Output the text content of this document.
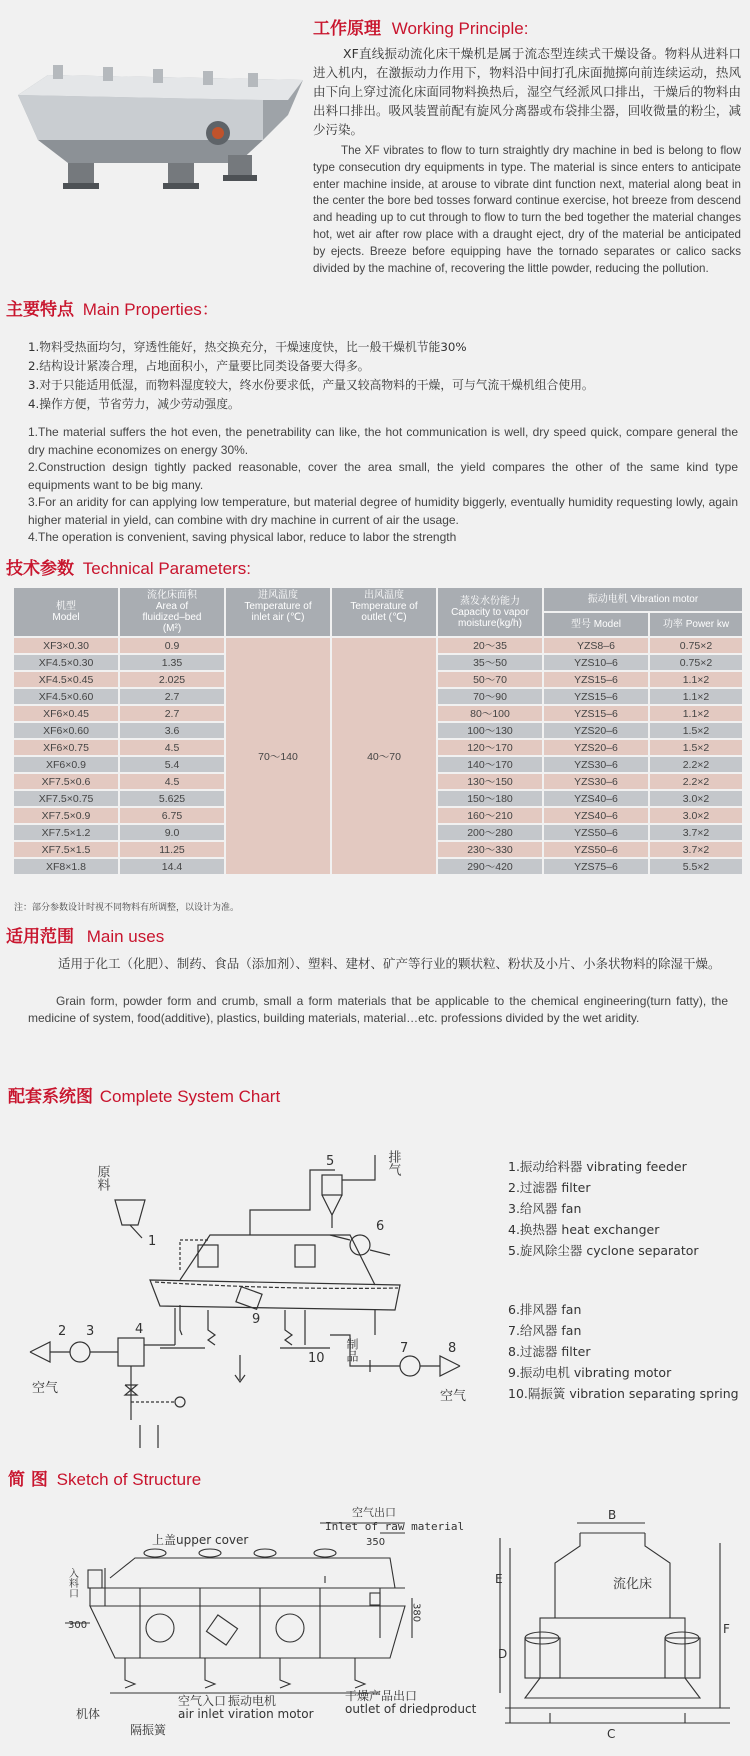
工作原理 Working Principle:
XF直线振动流化床干燥机是属于流态型连续式干燥设备。物料从进料口进入机内，在激振动力作用下，物料沿中间打孔床面抛掷向前连续运动，热风由下向上穿过流化床面同物料换热后，湿空气经派风口排出，干燥后的物料由出料口排出。吸风装置前配有旋风分离器或布袋排尘器，回收微量的粉尘，减少污染。
The XF vibrates to flow to turn straightly dry machine in bed is belong to flow type consecution dry equipments in type. The material is since enters to anticipate enter machine inside, at arouse to vibrate dint function next, material along beat in the center the bore bed tosses forward continue exercise, hot breeze from descend and heading up to cut through to flow to turn the bed together the material changes hot, wet air after row place with a draught eject, dry of the material be anticipated by ejects. Breeze before equipping have the tornado separates or calico sacks divided by the machine of, recovering the little powder, reducing the pollution.
主要特点 Main Properties：
1.物料受热面均匀，穿透性能好，热交换充分，干燥速度快，比一般干燥机节能30%
2.结构设计紧凑合理，占地面积小，产量要比同类设备要大得多。
3.对于只能适用低湿，而物料湿度较大，终水份要求低，产量又较高物料的干燥，可与气流干燥机组合使用。
4.操作方便，节省劳力，减少劳动强度。
1.The material suffers the hot even, the penetrability can like, the hot communication is well, dry speed quick, compare general the dry machine economizes on energy 30%.
2.Construction design tightly packed reasonable, cover the area small, the yield compares the other of the same kind type equipments want to be big many.
3.For an aridity for can applying low temperature, but material degree of humidity biggerly, eventually humidity requesting lowly, again higher material in yield, can combine with dry machine in current of air the usage.
4.The operation is convenient, saving physical labor, reduce to labor the strength
技术参数 Technical Parameters:
机型
Model	流化床面积
Area of
fluidized–bed
(M²)	进风温度
Temperature of
inlet air (℃)	出风温度
Temperature of
outlet (℃)	蒸发水份能力
Capacity to vapor
moisture(kg/h)	振动电机 Vibration motor	
					型号 Model	功率 Power kw
XF3×0.30	0.9	70～140	40～70	20～35	YZS8–6	0.75×2
XF4.5×0.30	1.35			35～50	YZS10–6	0.75×2
XF4.5×0.45	2.025			50～70	YZS15–6	1.1×2
XF4.5×0.60	2.7			70～90	YZS15–6	1.1×2
XF6×0.45	2.7			80～100	YZS15–6	1.1×2
XF6×0.60	3.6			100～130	YZS20–6	1.5×2
XF6×0.75	4.5			120～170	YZS20–6	1.5×2
XF6×0.9	5.4			140～170	YZS30–6	2.2×2
XF7.5×0.6	4.5			130～150	YZS30–6	2.2×2
XF7.5×0.75	5.625			150～180	YZS40–6	3.0×2
XF7.5×0.9	6.75			160～210	YZS40–6	3.0×2
XF7.5×1.2	9.0			200～280	YZS50–6	3.7×2
XF7.5×1.5	11.25			230～330	YZS50–6	3.7×2
XF8×1.8	14.4			290～420	YZS75–6	5.5×2
注：部分参数设计时视不同物料有所调整，以设计为准。
适用范围 Main uses
适用于化工（化肥）、制药、食品（添加剂）、塑料、建材、矿产等行业的颗状粒、粉状及小片、小条状物料的除湿干燥。
Grain form, powder form and crumb, small a form materials that be applicable to the chemical engineering(turn fatty), the medicine of system, food(additive), plastics, building materials, material…etc. professions divided by the wet aridity.
配套系统图 Complete System Chart
原料
排气
空气
空气
制品
1
2 3	4
5
6
7	8
9
10
1.振动给料器 vibrating feeder
2.过滤器 filter
3.给风器 fan
4.换热器 heat exchanger
5.旋风除尘器 cyclone separator
6.排风器 fan
7.给风器 fan
8.过滤器 filter
9.振动电机 vibrating motor
10.隔振簧 vibration separating spring
简 图 Sketch of Structure
上盖upper cover
空气出口
Inlet of raw material
入料口
350
300
380
机体
隔振簧
空气入口
air inlet
振动电机
viration motor
干燥产品出口
outlet of driedproduct
B
C
D
E
F
流化床
